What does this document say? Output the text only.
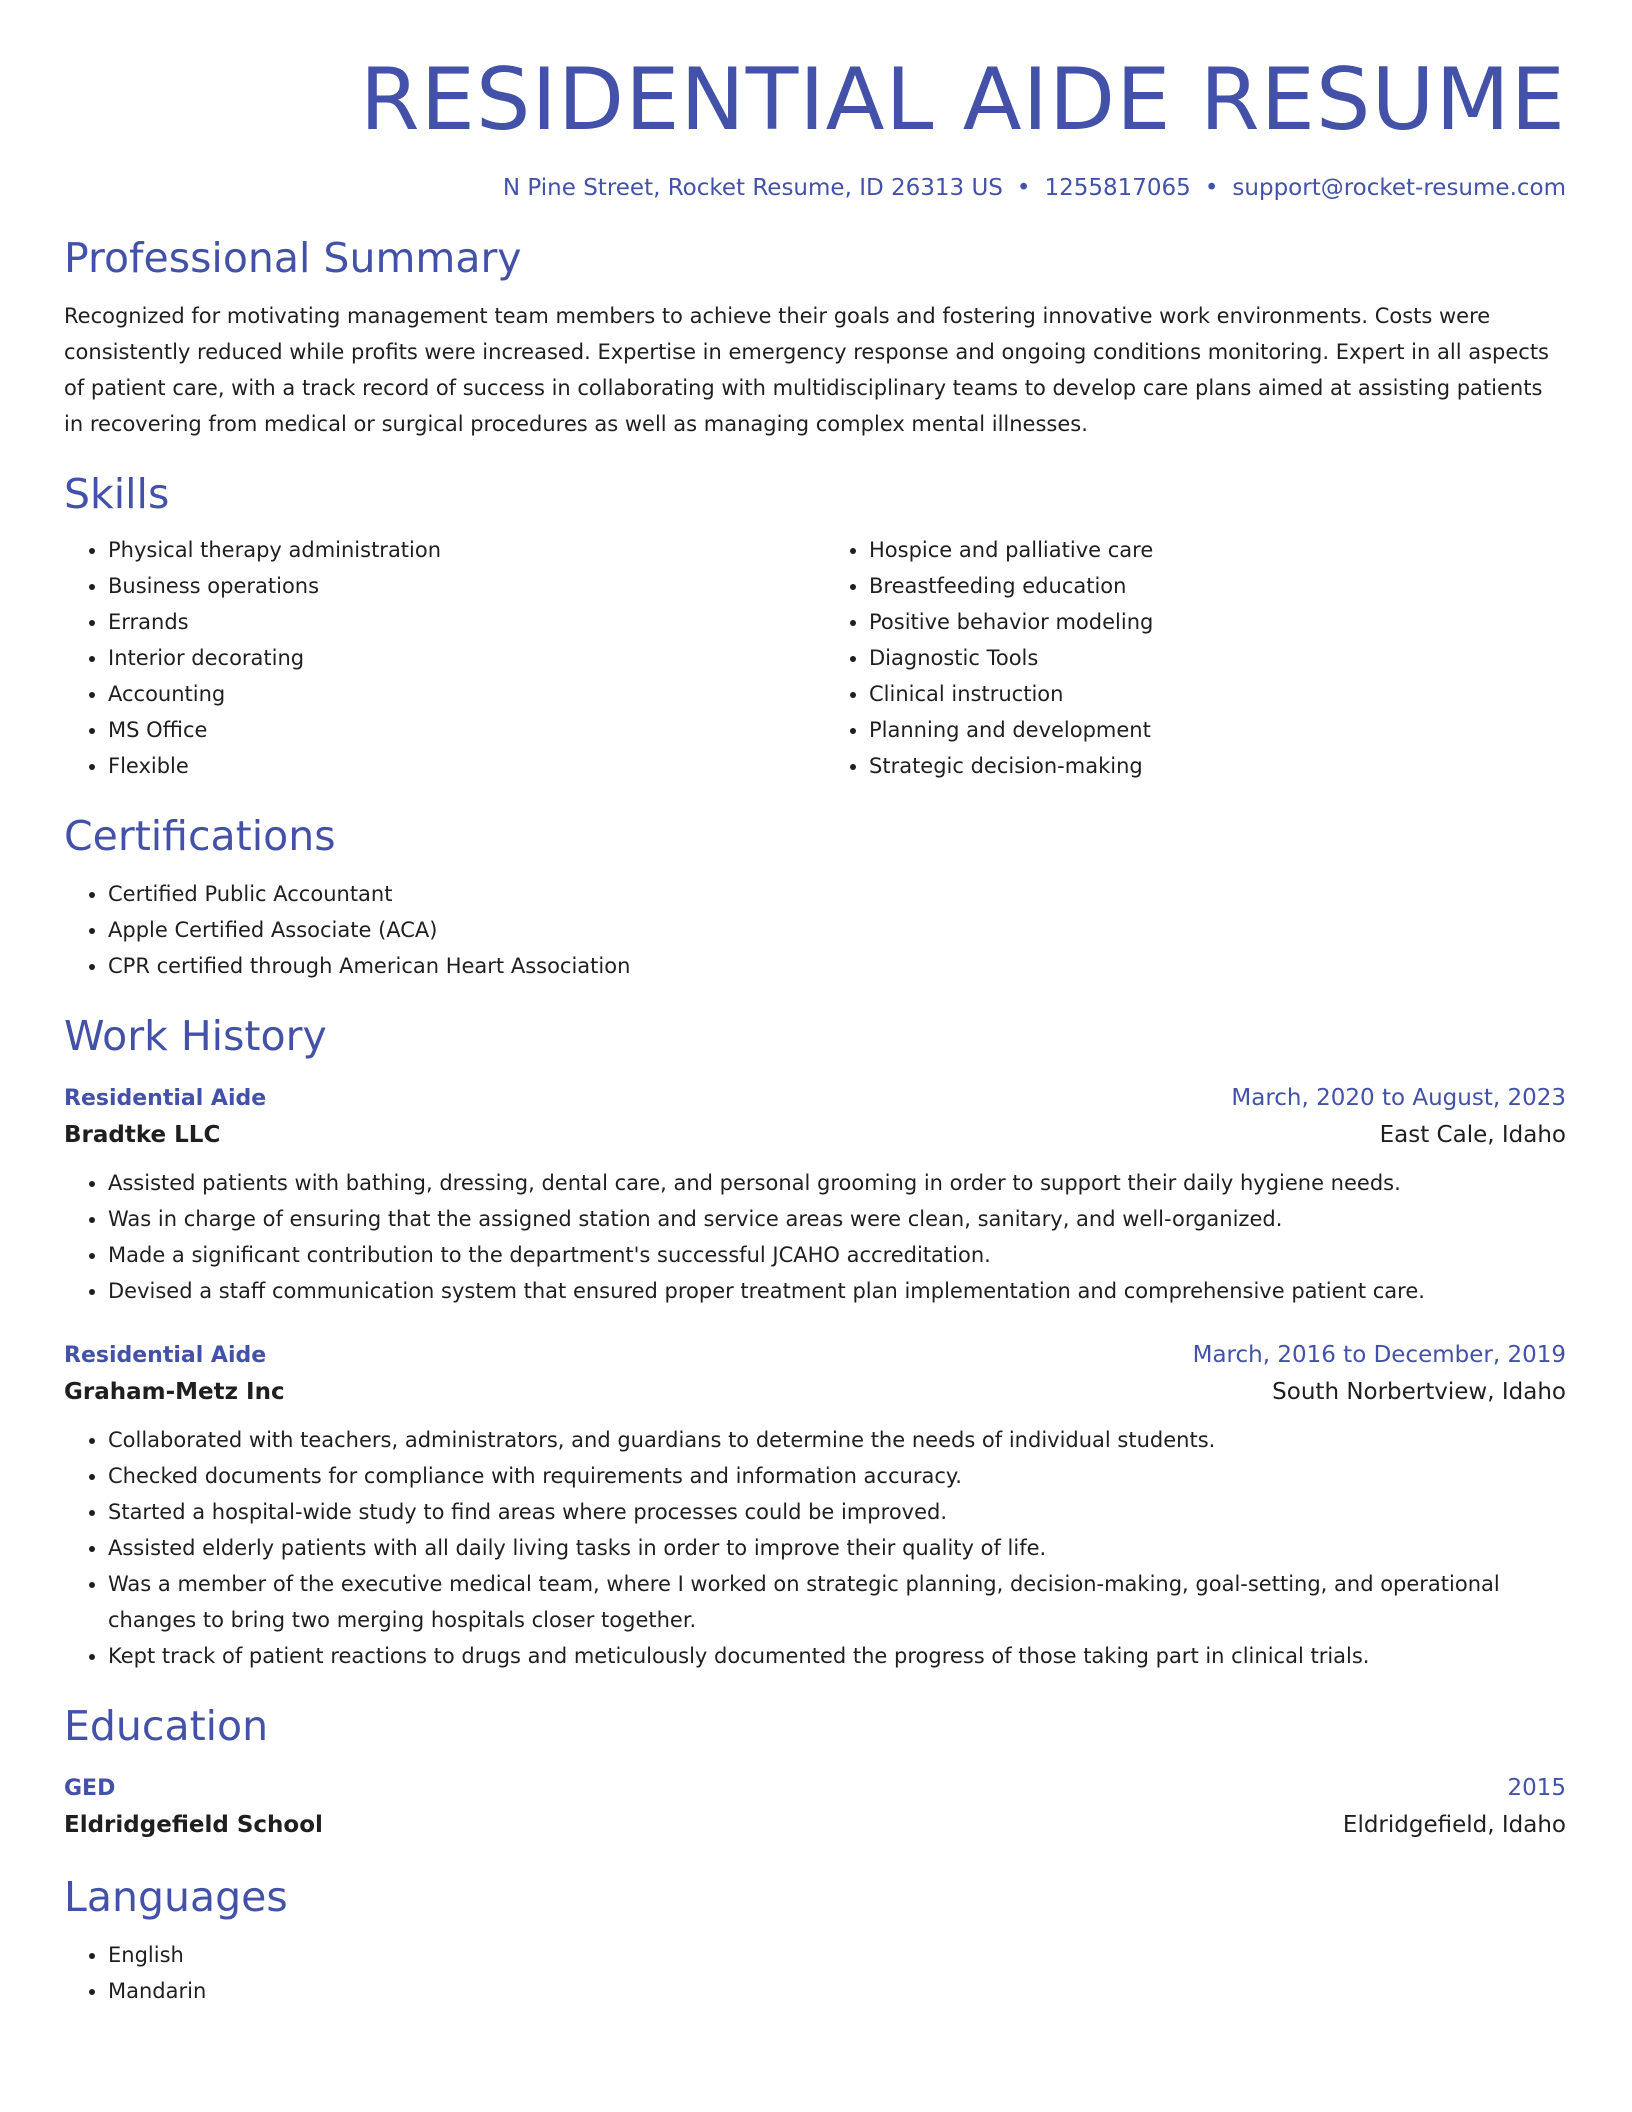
RESIDENTIAL AIDE RESUME
N Pine Street, Rocket Resume, ID 26313 US • 1255817065 • support@rocket-resume.com
Professional Summary
Recognized for motivating management team members to achieve their goals and fostering innovative work environments. Costs were consistently reduced while profits were increased. Expertise in emergency response and ongoing conditions monitoring. Expert in all aspects of patient care, with a track record of success in collaborating with multidisciplinary teams to develop care plans aimed at assisting patients in recovering from medical or surgical procedures as well as managing complex mental illnesses.
Skills
• Physical therapy administration
• Business operations
• Errands
• Interior decorating
• Accounting
• MS Office
• Flexible
• Hospice and palliative care
• Breastfeeding education
• Positive behavior modeling
• Diagnostic Tools
• Clinical instruction
• Planning and development
• Strategic decision-making
Certifications
• Certified Public Accountant
• Apple Certified Associate (ACA)
• CPR certified through American Heart Association
Work History
Residential Aide	March, 2020 to August, 2023
Bradtke LLC	East Cale, Idaho
• Assisted patients with bathing, dressing, dental care, and personal grooming in order to support their daily hygiene needs.
• Was in charge of ensuring that the assigned station and service areas were clean, sanitary, and well-organized.
• Made a significant contribution to the department's successful JCAHO accreditation.
• Devised a staff communication system that ensured proper treatment plan implementation and comprehensive patient care.
Residential Aide	March, 2016 to December, 2019
Graham-Metz Inc	South Norbertview, Idaho
• Collaborated with teachers, administrators, and guardians to determine the needs of individual students.
• Checked documents for compliance with requirements and information accuracy.
• Started a hospital-wide study to find areas where processes could be improved.
• Assisted elderly patients with all daily living tasks in order to improve their quality of life.
• Was a member of the executive medical team, where I worked on strategic planning, decision-making, goal-setting, and operational changes to bring two merging hospitals closer together.
• Kept track of patient reactions to drugs and meticulously documented the progress of those taking part in clinical trials.
Education
GED	2015
Eldridgefield School	Eldridgefield, Idaho
Languages
• English
• Mandarin
